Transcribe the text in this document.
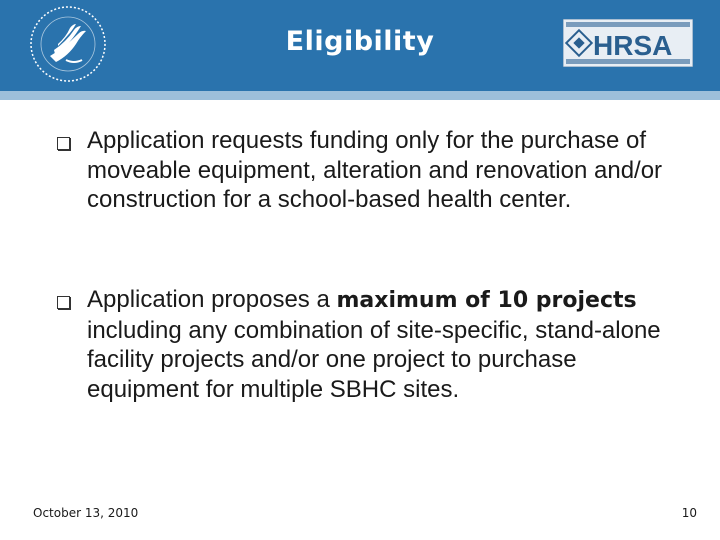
Eligibility	HRSA
Application requests funding only for the purchase of moveable equipment, alteration and renovation and/or construction for a school-based health center.
Application proposes a maximum of 10 projects including any combination of site-specific, stand-alone facility projects and/or one project to purchase equipment for multiple SBHC sites.
October 13, 2010	10
